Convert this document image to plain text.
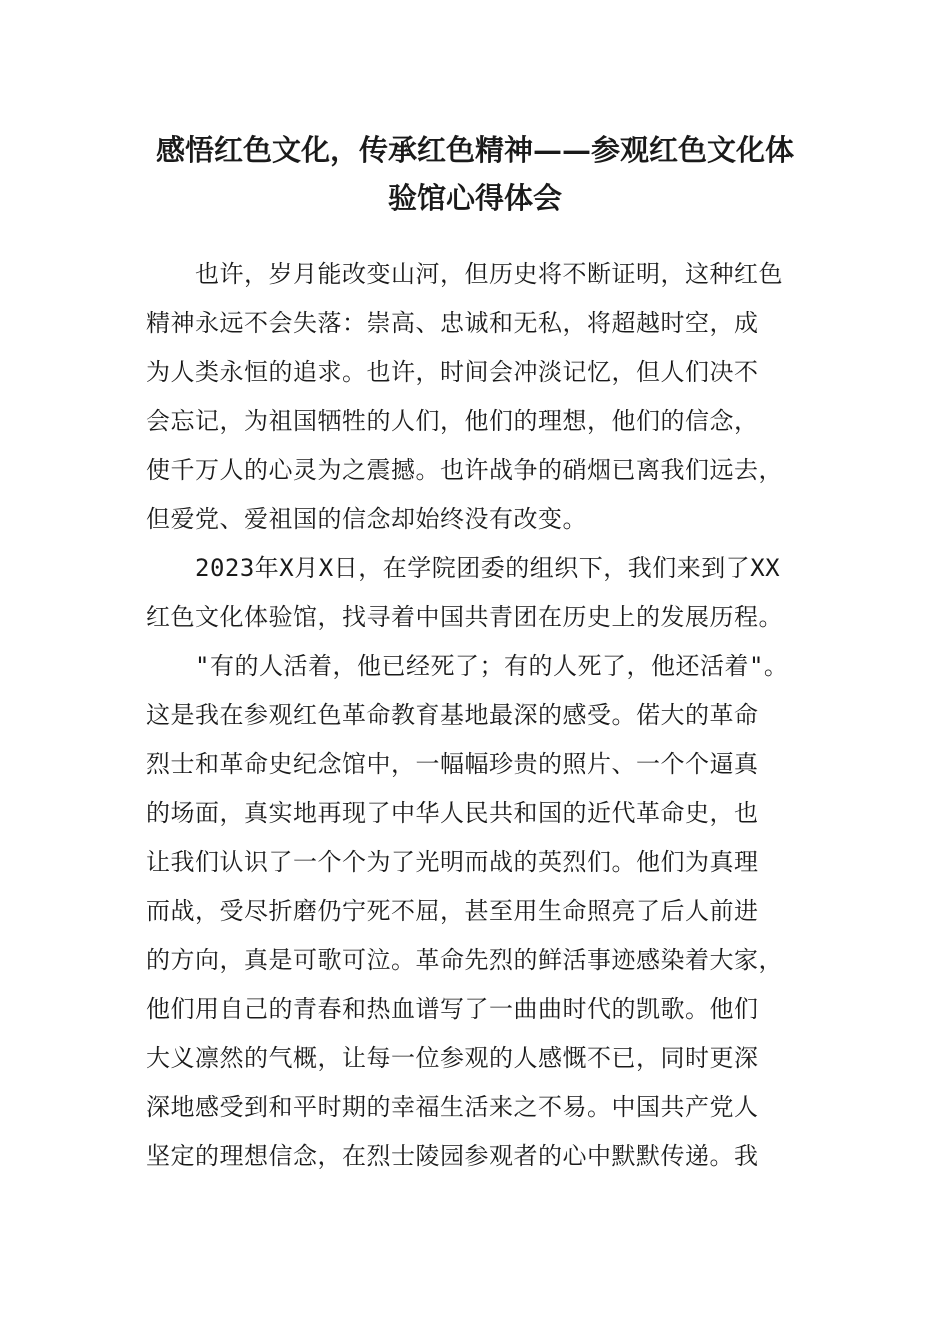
感悟红色文化，传承红色精神——参观红色文化体
验馆心得体会
　　也许，岁月能改变山河，但历史将不断证明，这种红色
精神永远不会失落：崇高、忠诚和无私，将超越时空，成
为人类永恒的追求。也许，时间会冲淡记忆，但人们决不
会忘记，为祖国牺牲的人们，他们的理想，他们的信念，
使千万人的心灵为之震撼。也许战争的硝烟已离我们远去，
但爱党、爱祖国的信念却始终没有改变。
　　2023年X月X日，在学院团委的组织下，我们来到了XX
红色文化体验馆，找寻着中国共青团在历史上的发展历程。
　　"有的人活着，他已经死了；有的人死了，他还活着"。
这是我在参观红色革命教育基地最深的感受。偌大的革命
烈士和革命史纪念馆中，一幅幅珍贵的照片、一个个逼真
的场面，真实地再现了中华人民共和国的近代革命史，也
让我们认识了一个个为了光明而战的英烈们。他们为真理
而战，受尽折磨仍宁死不屈，甚至用生命照亮了后人前进
的方向，真是可歌可泣。革命先烈的鲜活事迹感染着大家，
他们用自己的青春和热血谱写了一曲曲时代的凯歌。他们
大义凛然的气概，让每一位参观的人感慨不已，同时更深
深地感受到和平时期的幸福生活来之不易。中国共产党人
坚定的理想信念，在烈士陵园参观者的心中默默传递。我
